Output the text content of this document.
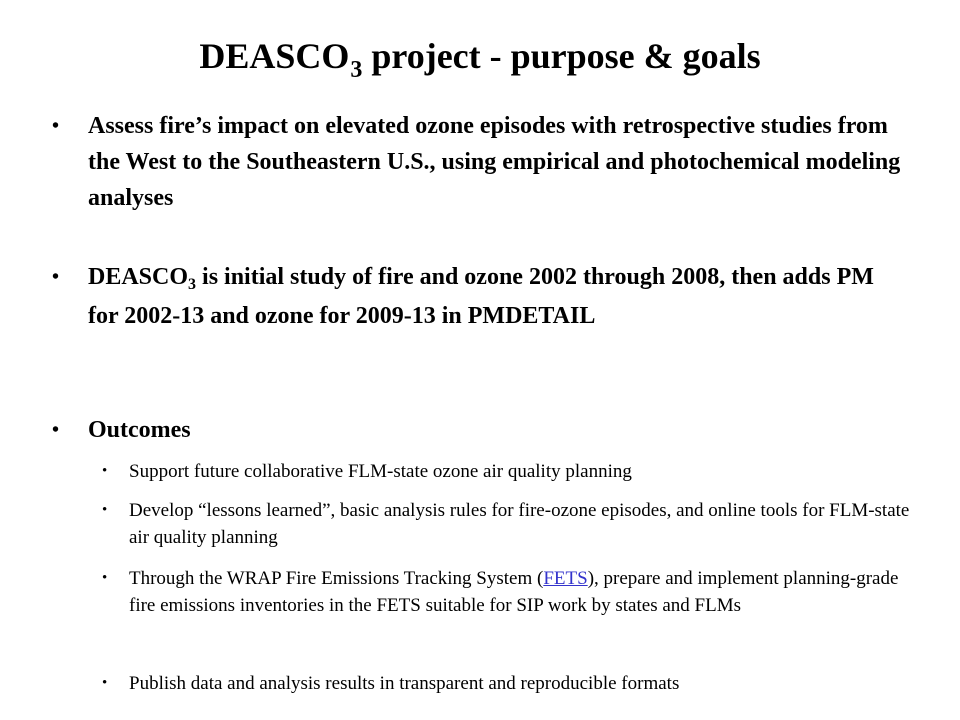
$DEASCO_3$ project - purpose & goals
• Assess fire’s impact on elevated ozone episodes with retrospective studies from the West to the Southeastern U.S., using empirical and photochemical modeling analyses
• $DEASCO_3$ is initial study of fire and ozone 2002 through 2008, then adds PM for 2002-13 and ozone for 2009-13 in PMDETAIL
• Outcomes
• Support future collaborative FLM-state ozone air quality planning
• Develop “lessons learned”, basic analysis rules for fire-ozone episodes, and online tools for FLM-state air quality planning
• Through the WRAP Fire Emissions Tracking System (FETS), prepare and implement planning-grade fire emissions inventories in the FETS suitable for SIP work by states and FLMs
• Publish data and analysis results in transparent and reproducible formats
